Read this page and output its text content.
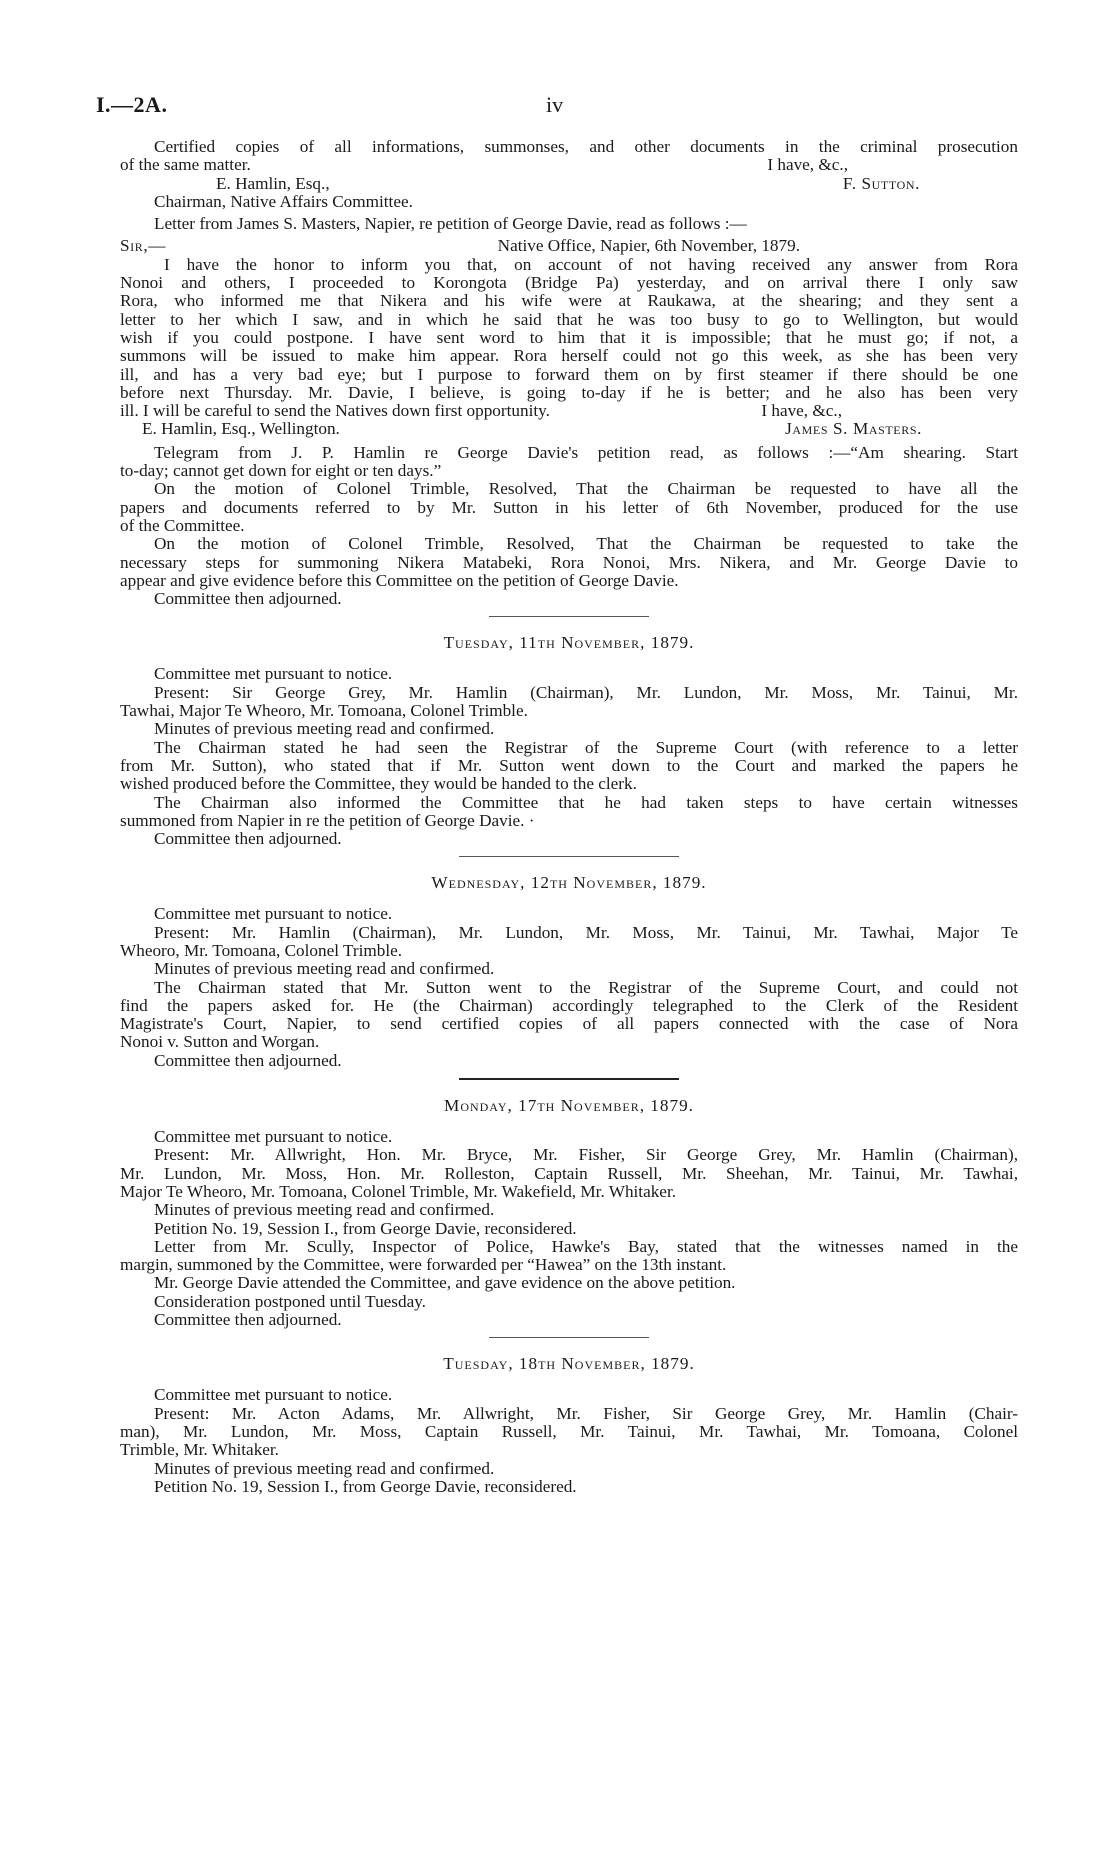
I.—2A.	iv
Certified copies of all informations, summonses, and other documents in the criminal prosecution
of the same matter.	I have, &c.,
E. Hamlin, Esq.,	F. Sutton.
Chairman, Native Affairs Committee.
Letter from James S. Masters, Napier, re petition of George Davie, read as follows :—
Sir,—	Native Office, Napier, 6th November, 1879.
I have the honor to inform you that, on account of not having received any answer from Rora
Nonoi and others, I proceeded to Korongota (Bridge Pa) yesterday, and on arrival there I only saw
Rora, who informed me that Nikera and his wife were at Raukawa, at the shearing; and they sent a
letter to her which I saw, and in which he said that he was too busy to go to Wellington, but would
wish if you could postpone. I have sent word to him that it is impossible; that he must go; if not, a
summons will be issued to make him appear. Rora herself could not go this week, as she has been very
ill, and has a very bad eye; but I purpose to forward them on by first steamer if there should be one
before next Thursday. Mr. Davie, I believe, is going to-day if he is better; and he also has been very
ill. I will be careful to send the Natives down first opportunity.	I have, &c.,
E. Hamlin, Esq., Wellington.	James S. Masters.
Telegram from J. P. Hamlin re George Davie's petition read, as follows :—“Am shearing. Start
to-day; cannot get down for eight or ten days.”
On the motion of Colonel Trimble, Resolved, That the Chairman be requested to have all the
papers and documents referred to by Mr. Sutton in his letter of 6th November, produced for the use
of the Committee.
On the motion of Colonel Trimble, Resolved, That the Chairman be requested to take the
necessary steps for summoning Nikera Matabeki, Rora Nonoi, Mrs. Nikera, and Mr. George Davie to
appear and give evidence before this Committee on the petition of George Davie.
Committee then adjourned.
Tuesday, 11th November, 1879.
Committee met pursuant to notice.
Present: Sir George Grey, Mr. Hamlin (Chairman), Mr. Lundon, Mr. Moss, Mr. Tainui, Mr.
Tawhai, Major Te Wheoro, Mr. Tomoana, Colonel Trimble.
Minutes of previous meeting read and confirmed.
The Chairman stated he had seen the Registrar of the Supreme Court (with reference to a letter
from Mr. Sutton), who stated that if Mr. Sutton went down to the Court and marked the papers he
wished produced before the Committee, they would be handed to the clerk.
The Chairman also informed the Committee that he had taken steps to have certain witnesses
summoned from Napier in re the petition of George Davie. ·
Committee then adjourned.
Wednesday, 12th November, 1879.
Committee met pursuant to notice.
Present: Mr. Hamlin (Chairman), Mr. Lundon, Mr. Moss, Mr. Tainui, Mr. Tawhai, Major Te
Wheoro, Mr. Tomoana, Colonel Trimble.
Minutes of previous meeting read and confirmed.
The Chairman stated that Mr. Sutton went to the Registrar of the Supreme Court, and could not
find the papers asked for. He (the Chairman) accordingly telegraphed to the Clerk of the Resident
Magistrate's Court, Napier, to send certified copies of all papers connected with the case of Nora
Nonoi v. Sutton and Worgan.
Committee then adjourned.
Monday, 17th November, 1879.
Committee met pursuant to notice.
Present: Mr. Allwright, Hon. Mr. Bryce, Mr. Fisher, Sir George Grey, Mr. Hamlin (Chairman),
Mr. Lundon, Mr. Moss, Hon. Mr. Rolleston, Captain Russell, Mr. Sheehan, Mr. Tainui, Mr. Tawhai,
Major Te Wheoro, Mr. Tomoana, Colonel Trimble, Mr. Wakefield, Mr. Whitaker.
Minutes of previous meeting read and confirmed.
Petition No. 19, Session I., from George Davie, reconsidered.
Letter from Mr. Scully, Inspector of Police, Hawke's Bay, stated that the witnesses named in the
margin, summoned by the Committee, were forwarded per “Hawea” on the 13th instant.
Mr. George Davie attended the Committee, and gave evidence on the above petition.
Consideration postponed until Tuesday.
Committee then adjourned.
Tuesday, 18th November, 1879.
Committee met pursuant to notice.
Present: Mr. Acton Adams, Mr. Allwright, Mr. Fisher, Sir George Grey, Mr. Hamlin (Chair-
man), Mr. Lundon, Mr. Moss, Captain Russell, Mr. Tainui, Mr. Tawhai, Mr. Tomoana, Colonel
Trimble, Mr. Whitaker.
Minutes of previous meeting read and confirmed.
Petition No. 19, Session I., from George Davie, reconsidered.
